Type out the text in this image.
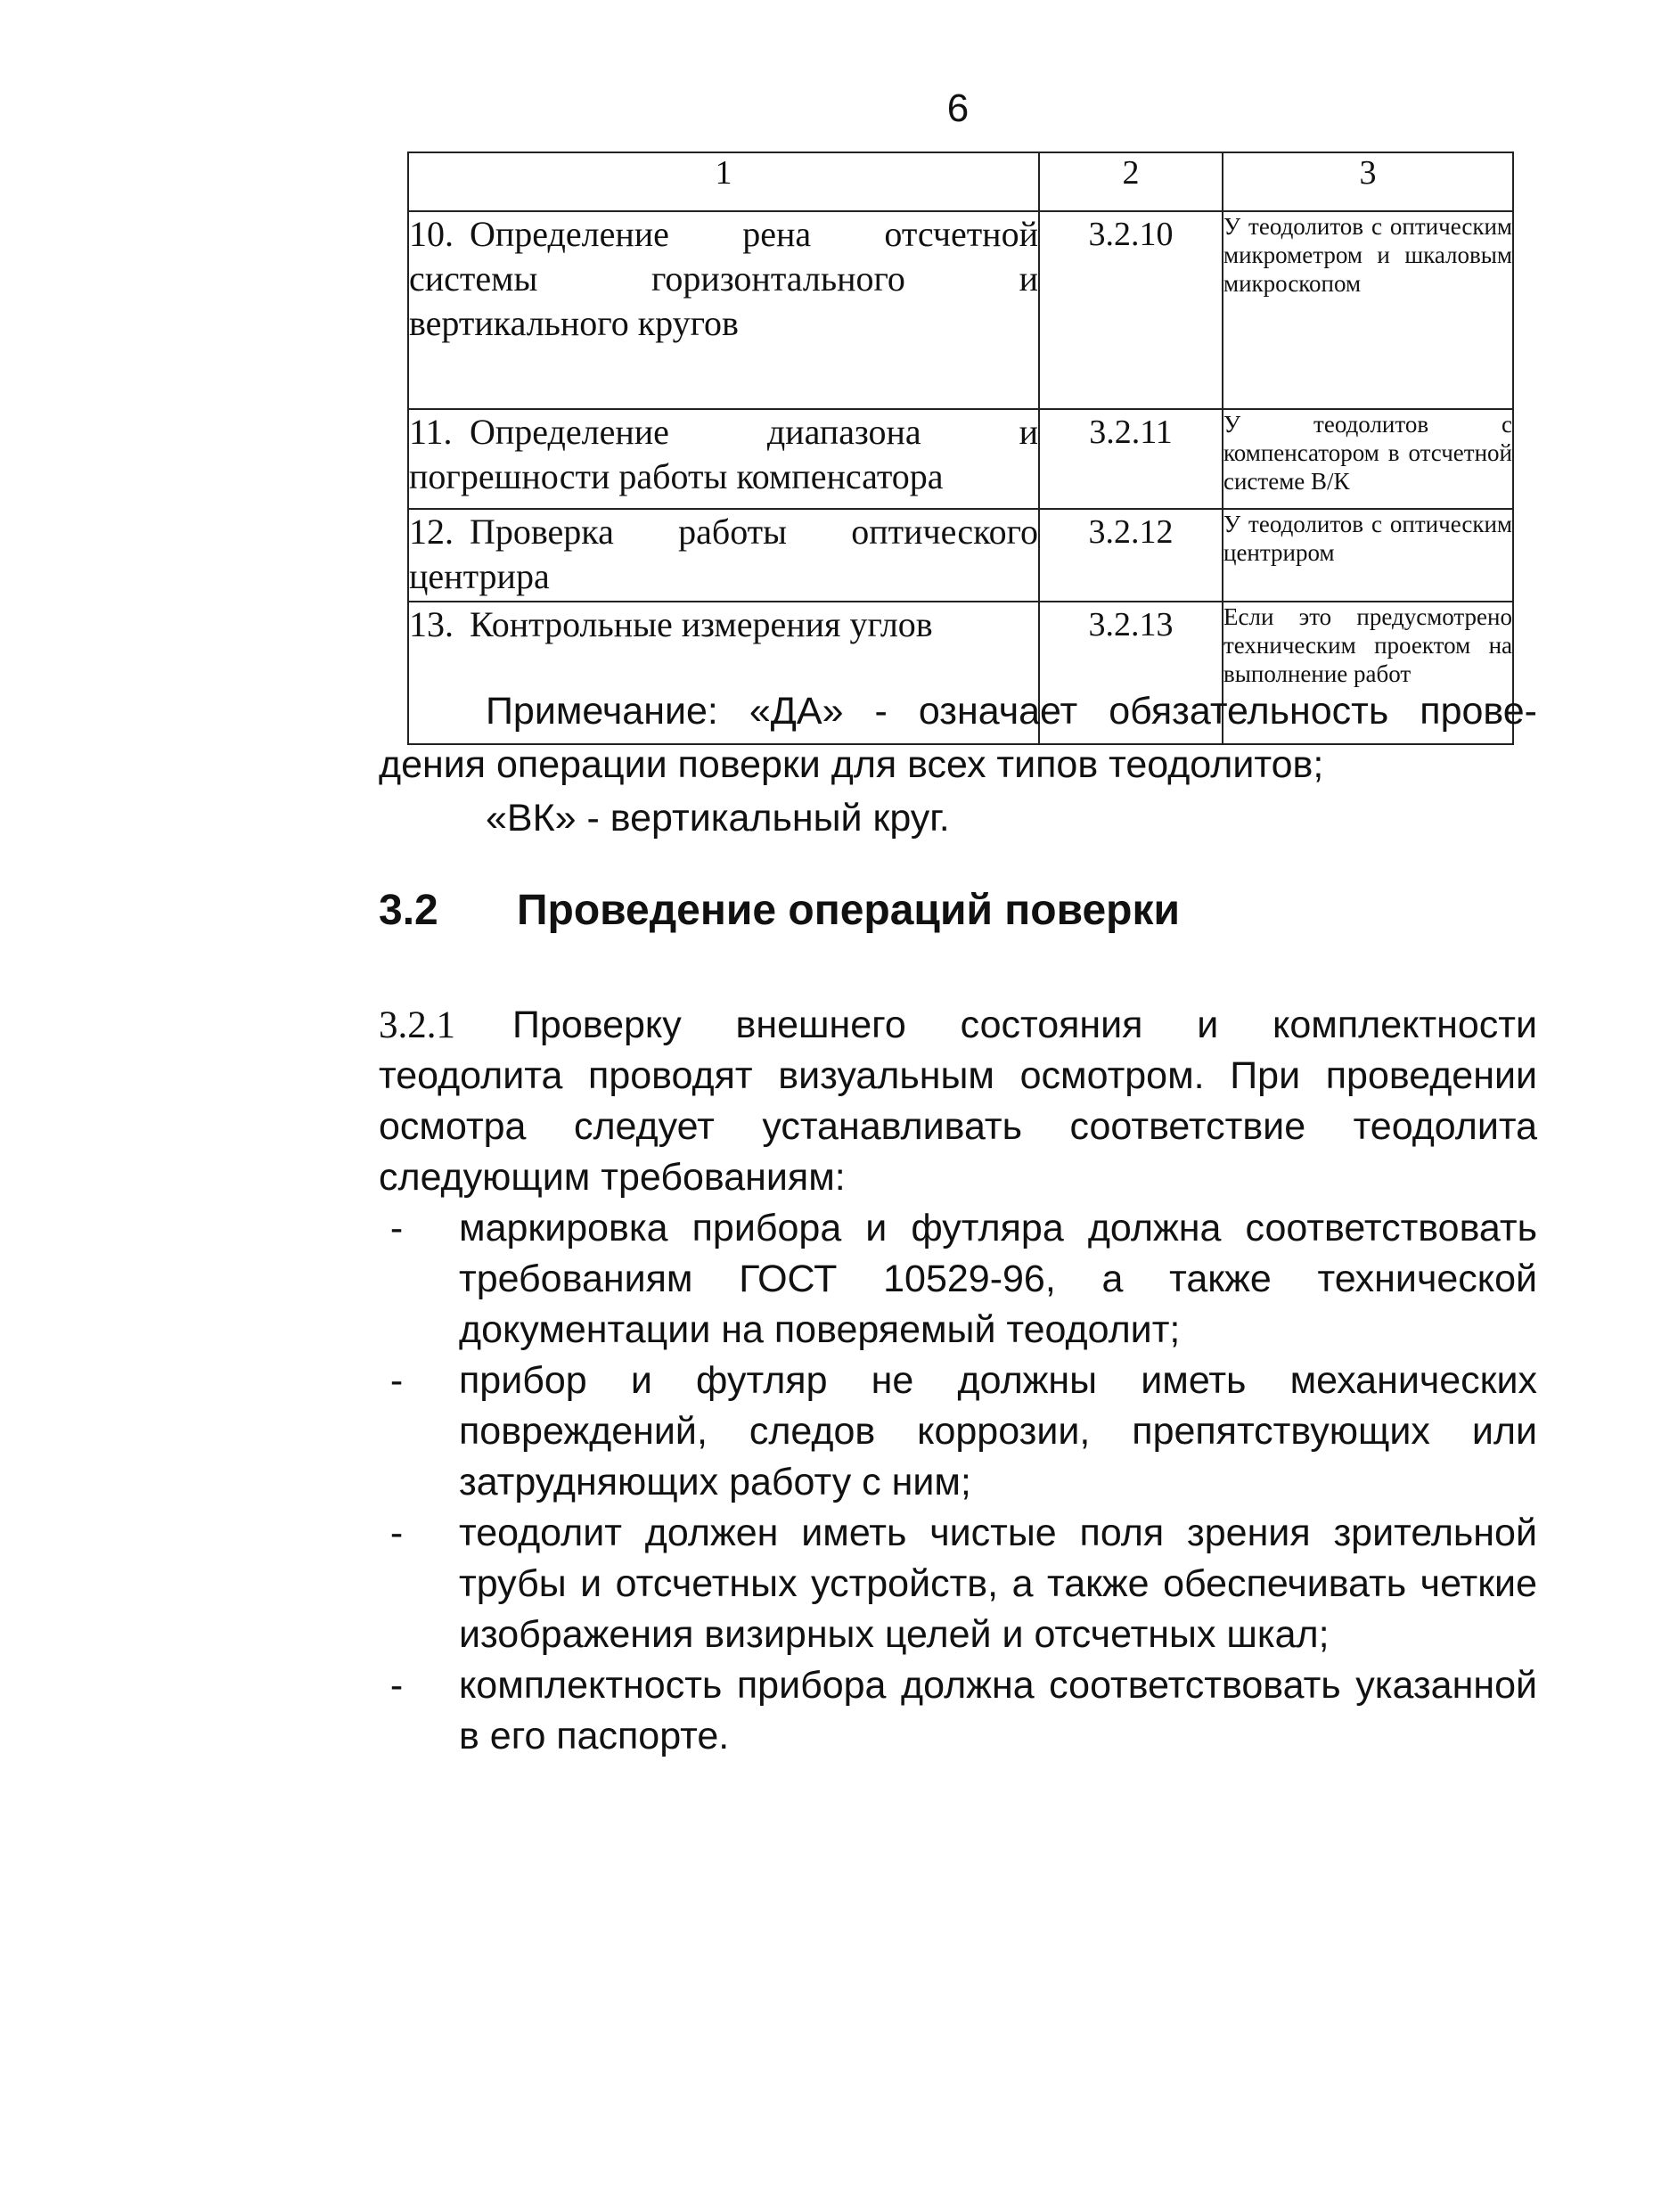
6
1	2	3
10. Определение рена отсчетной системы горизонтального и вертикального кругов	3.2.10	У теодолитов с оптическим микрометром и шкаловым микроскопом
11. Определение диапазона и погрешности работы компенсатора	3.2.11	У теодолитов с компенсатором в отсчетной системе В/К
12. Проверка работы оптического центрира	3.2.12	У теодолитов с оптическим центриром
13. Контрольные измерения углов	3.2.13	Если это предусмотрено техническим проектом на выполнение работ

Примечание: «ДА» - означает обязательность прове-

дения операции поверки для всех типов теодолитов;

«ВК» - вертикальный круг.

3.2 Проведение операций поверки

3.2.1 Проверку внешнего состояния и комплектности теодолита проводят визуальным осмотром. При проведении осмотра следует устанавливать соответствие теодолита следующим требованиям:

- маркировка прибора и футляра должна соответствовать требованиям ГОСТ 10529-96, а также технической документации на поверяемый теодолит;
- прибор и футляр не должны иметь механических повреждений, следов коррозии, препятствующих или затрудняющих работу с ним;
- теодолит должен иметь чистые поля зрения зрительной трубы и отсчетных устройств, а также обеспечивать четкие изображения визирных целей и отсчетных шкал;
- комплектность прибора должна соответствовать указанной в его паспорте.
